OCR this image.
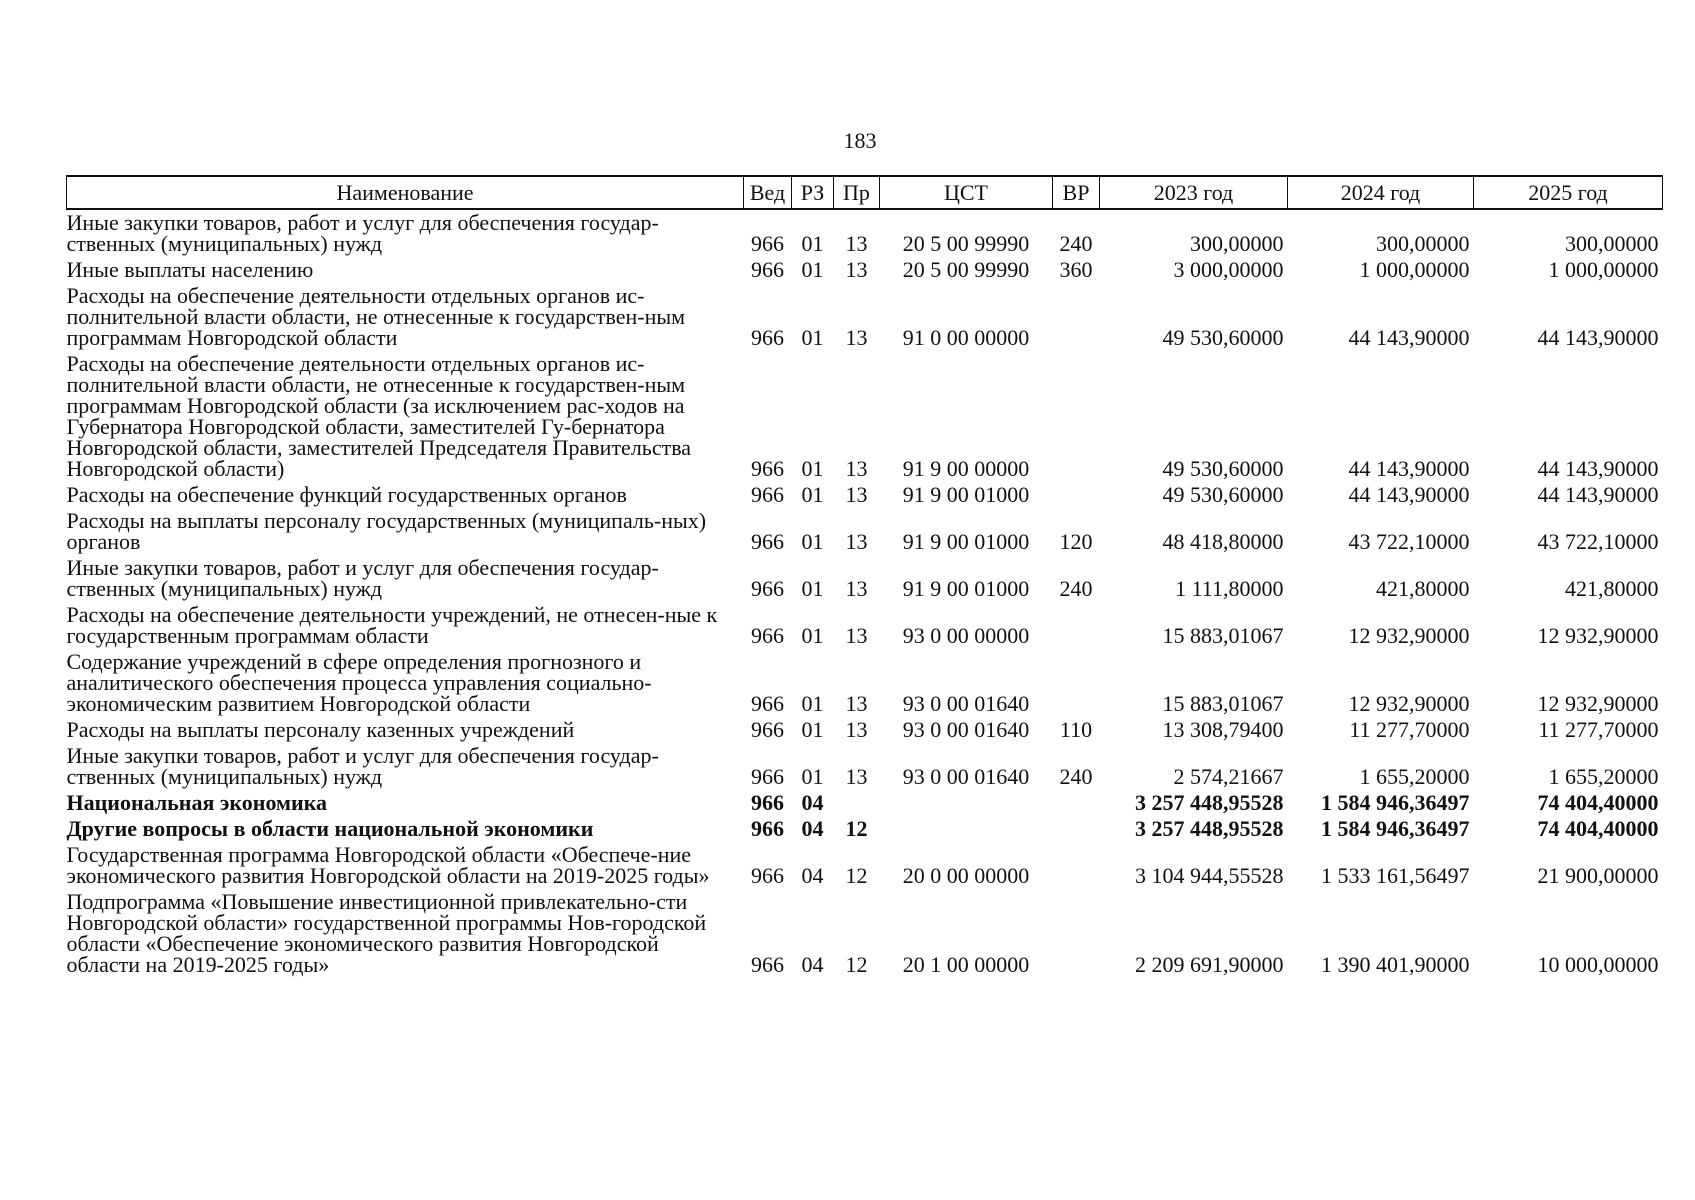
183
Наименование	Вед	РЗ	Пр	ЦСТ	ВР	2023 год	2024 год	2025 год
Иные закупки товаров, работ и услуг для обеспечения государ-ственных (муниципальных) нужд	966	01	13	20 5 00 99990	240	300,00000	300,00000	300,00000
Иные выплаты населению	966	01	13	20 5 00 99990	360	3 000,00000	1 000,00000	1 000,00000
Расходы на обеспечение деятельности отдельных органов ис-полнительной власти области, не отнесенные к государствен-ным программам Новгородской области	966	01	13	91 0 00 00000		49 530,60000	44 143,90000	44 143,90000
Расходы на обеспечение деятельности отдельных органов ис-полнительной власти области, не отнесенные к государствен-ным программам Новгородской области (за исключением рас-ходов на Губернатора Новгородской области, заместителей Гу-бернатора Новгородской области, заместителей Председателя Правительства Новгородской области)	966	01	13	91 9 00 00000		49 530,60000	44 143,90000	44 143,90000
Расходы на обеспечение функций государственных органов	966	01	13	91 9 00 01000		49 530,60000	44 143,90000	44 143,90000
Расходы на выплаты персоналу государственных (муниципаль-ных) органов	966	01	13	91 9 00 01000	120	48 418,80000	43 722,10000	43 722,10000
Иные закупки товаров, работ и услуг для обеспечения государ-ственных (муниципальных) нужд	966	01	13	91 9 00 01000	240	1 111,80000	421,80000	421,80000
Расходы на обеспечение деятельности учреждений, не отнесен-ные к государственным программам области	966	01	13	93 0 00 00000		15 883,01067	12 932,90000	12 932,90000
Содержание учреждений в сфере определения прогнозного и аналитического обеспечения процесса управления социально-экономическим развитием Новгородской области	966	01	13	93 0 00 01640		15 883,01067	12 932,90000	12 932,90000
Расходы на выплаты персоналу казенных учреждений	966	01	13	93 0 00 01640	110	13 308,79400	11 277,70000	11 277,70000
Иные закупки товаров, работ и услуг для обеспечения государ-ственных (муниципальных) нужд	966	01	13	93 0 00 01640	240	2 574,21667	1 655,20000	1 655,20000
Национальная экономика	966	04				3 257 448,95528	1 584 946,36497	74 404,40000
Другие вопросы в области национальной экономики	966	04	12			3 257 448,95528	1 584 946,36497	74 404,40000
Государственная программа Новгородской области «Обеспече-ние экономического развития Новгородской области на 2019-2025 годы»	966	04	12	20 0 00 00000		3 104 944,55528	1 533 161,56497	21 900,00000
Подпрограмма «Повышение инвестиционной привлекательно-сти Новгородской области» государственной программы Нов-городской области «Обеспечение экономического развития Новгородской области на 2019-2025 годы»	966	04	12	20 1 00 00000		2 209 691,90000	1 390 401,90000	10 000,00000
